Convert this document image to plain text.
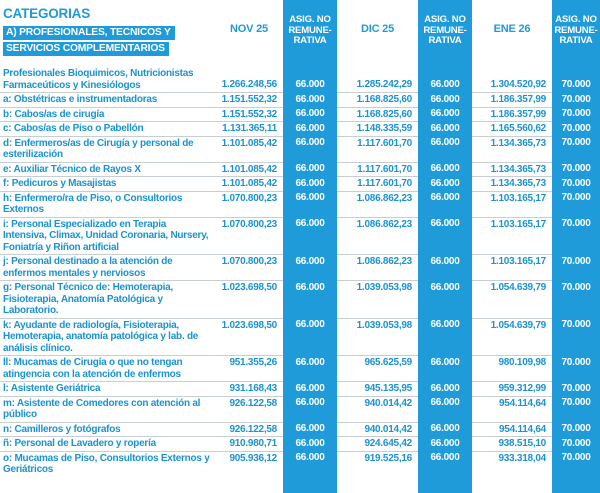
CATEGORIAS
A) PROFESIONALES, TECNICOS Y
SERVICIOS COMPLEMENTARIOS	NOV 25	ASIG. NO REMUNE- RATIVA	DIC 25	ASIG. NO REMUNE- RATIVA	ENE 26	ASIG. NO REMUNE- RATIVA
Profesionales Bioquimicos, Nutricionistas Farmaceúticos y Kinesiólogos	1.266.248,56	66.000	1.285.242,29	66.000	1.304.520,92	70.000
a: Obstétricas e instrumentadoras	1.151.552,32	66.000	1.168.825,60	66.000	1.186.357,99	70.000
b: Cabos/as de cirugía	1.151.552,32	66.000	1.168.825,60	66.000	1.186.357,99	70.000
c: Cabos/as de Piso o Pabellón	1.131.365,11	66.000	1.148.335,59	66.000	1.165.560,62	70.000
d: Enfermeros/as de Cirugía y personal de esterilización	1.101.085,42	66.000	1.117.601,70	66.000	1.134.365,73	70.000
e: Auxiliar Técnico de Rayos X	1.101.085,42	66.000	1.117.601,70	66.000	1.134.365,73	70.000
f: Pedicuros y Masajistas	1.101.085,42	66.000	1.117.601,70	66.000	1.134.365,73	70.000
h: Enfermero/ra de Piso, o Consultorios Externos	1.070.800,23	66.000	1.086.862,23	66.000	1.103.165,17	70.000
i: Personal Especializado en Terapia Intensiva, Climax, Unidad Coronaria, Nursery, Foniatría y Riñon artificial	1.070.800,23	66.000	1.086.862,23	66.000	1.103.165,17	70.000
j: Personal destinado a la atención de enfermos mentales y nerviosos	1.070.800,23	66.000	1.086.862,23	66.000	1.103.165,17	70.000
g: Personal Técnico de: Hemoterapia, Fisioterapia, Anatomía Patológica y Laboratorio.	1.023.698,50	66.000	1.039.053,98	66.000	1.054.639,79	70.000
k: Ayudante de radiología, Fisioterapia, Hemoterapia, anatomía patológica y lab. de análisis clínico.	1.023.698,50	66.000	1.039.053,98	66.000	1.054.639,79	70.000
ll: Mucamas de Cirugía o que no tengan atingencia con la atención de enfermos	951.355,26	66.000	965.625,59	66.000	980.109,98	70.000
l: Asistente Geriátrica	931.168,43	66.000	945.135,95	66.000	959.312,99	70.000
m: Asistente de Comedores con atención al público	926.122,58	66.000	940.014,42	66.000	954.114,64	70.000
n: Camilleros y fotógrafos	926.122,58	66.000	940.014,42	66.000	954.114,64	70.000
ñ: Personal de Lavadero y ropería	910.980,71	66.000	924.645,42	66.000	938.515,10	70.000
o: Mucamas de Piso, Consultorios Externos y Geriátricos	905.936,12	66.000	919.525,16	66.000	933.318,04	70.000
